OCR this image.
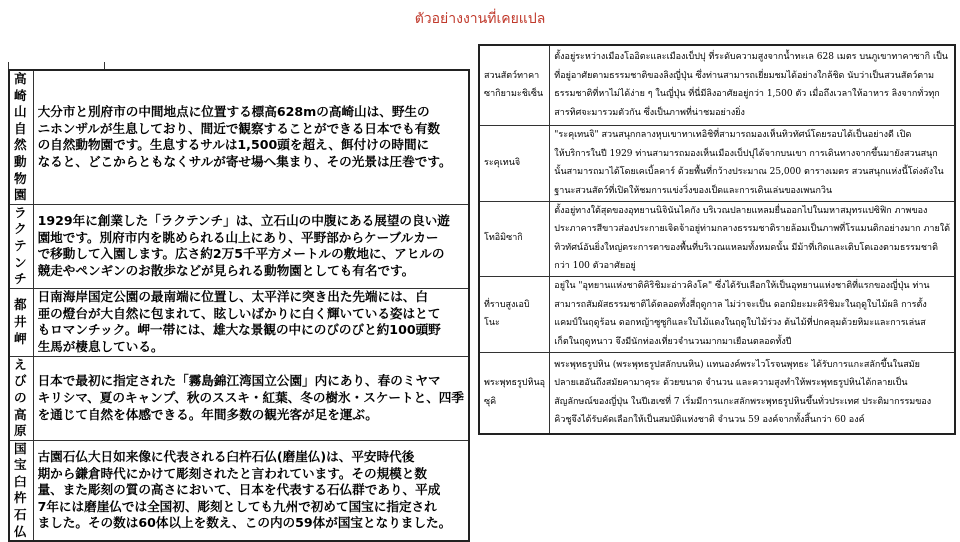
ตัวอย่างงานที่เคยแปล
高崎山自然動物園	大分市と別府市の中間地点に位置する標高628mの高崎山は、野生の
ニホンザルが生息しており、間近で観察することができる日本でも有数
の自然動物園です。生息するサルは1,500頭を超え、餌付けの時間に
なると、どこからともなくサルが寄せ場へ集まり、その光景は圧巻です。

ラクテンチ	1929年に創業した「ラクテンチ」は、立石山の中腹にある展望の良い遊
園地です。別府市内を眺められる山上にあり、平野部からケーブルカー
で移動して入園します。広さ約2万5千平方メートルの敷地に、アヒルの
競走やペンギンのお散歩などが見られる動物園としても有名です。

都井岬	日南海岸国定公園の最南端に位置し、太平洋に突き出た先端には、白
亜の燈台が大自然に包まれて、眩しいばかりに白く輝いている姿はとて
もロマンチック。岬一帯には、雄大な景観の中にのびのびと約100頭野
生馬が棲息している。

えびの高原	日本で最初に指定された「霧島錦江湾国立公園」内にあり、春のミヤマ
キリシマ、夏のキャンプ、秋のススキ・紅葉、冬の樹氷・スケートと、四季
を通じて自然を体感できる。年間多数の観光客が足を運ぶ。

国宝臼杵石仏	古園石仏大日如来像に代表される臼杵石仏(磨崖仏)は、平安時代後
期から鎌倉時代にかけて彫刻されたと言われています。その規模と数
量、また彫刻の質の高さにおいて、日本を代表する石仏群であり、平成
7年には磨崖仏では全国初、彫刻としても九州で初めて国宝に指定され
ました。その数は60体以上を数え、この内の59体が国宝となりました。
สวนสัตว์ทาคาซากิยามะชิเซ็น	ตั้งอยู่ระหว่างเมืองโออิตะและเมืองเบ็ปปุ ที่ระดับความสูงจากน้ำทะเล 628 เมตร บนภูเขาทาคาซากิ เป็น
ที่อยู่อาศัยตามธรรมชาติของลิงญี่ปุ่น ซึ่งท่านสามารถเยี่ยมชมได้อย่างใกล้ชิด นับว่าเป็นสวนสัตว์ตาม
ธรรมชาติที่หาไม่ได้ง่าย ๆ ในญี่ปุ่น ที่นี่มีลิงอาศัยอยู่กว่า 1,500 ตัว เมื่อถึงเวลาให้อาหาร ลิงจากทั่วทุก
สารทิศจะมารวมตัวกัน ซึ่งเป็นภาพที่น่าชมอย่างยิ่ง

ระคุเทนจิ	"ระคุเทนจิ" สวนสนุกกลางหุบเขาทาเทอิชิที่สามารถมองเห็นทิวทัศน์โดยรอบได้เป็นอย่างดี เปิด
ให้บริการในปี 1929 ท่านสามารถมองเห็นเมืองเบ็ปปุได้จากบนเขา การเดินทางจากขึ้นมายังสวนสนุก
นั้นสามารถมาได้โดยเคเบิ้ลคาร์ ด้วยพื้นที่กว้างประมาณ 25,000 ตารางเมตร สวนสนุกแห่งนี้โด่งดังใน
ฐานะสวนสัตว์ที่เปิดให้ชมการแข่งวิ่งของเป็ดและการเดินเล่นของเพนกวิน

โทอิมิซากิ	ตั้งอยู่ทางใต้สุดของอุทยานนิจินันไคกัง บริเวณปลายแหลมยื่นออกไปในมหาสมุทรแปซิฟิก ภาพของ
ประภาคารสีขาวส่องประกายเจิดจ้าอยู่ท่ามกลางธรรมชาติรายล้อมเป็นภาพที่โรแมนติกอย่างมาก ภายใต้
ทิวทัศน์อันยิ่งใหญ่ตระการตาของพื้นที่บริเวณแหลมทั้งหมดนั้น มีม้าที่เกิดและเติบโตเองตามธรรมชาติ
กว่า 100 ตัวอาศัยอยู่

ที่ราบสูงเอบิโนะ	อยู่ใน "อุทยานแห่งชาติคิริชิมะอ่าวคิงโค" ซึ่งได้รับเลือกให้เป็นอุทยานแห่งชาติที่แรกของญี่ปุ่น ท่าน
สามารถสัมผัสธรรมชาติได้ตลอดทั้งสี่ฤดูกาล ไม่ว่าจะเป็น ดอกมิยะมะคิริชิมะในฤดูใบไม้ผลิ การตั้ง
แคมป์ในฤดูร้อน ดอกหญ้าซูซูกิและใบไม้แดงในฤดูใบไม้ร่วง ต้นไม้ที่ปกคลุมด้วยหิมะและการเล่นส
เก็ตในฤดูหนาว จึงมีนักท่องเที่ยวจำนวนมากมาเยือนตลอดทั้งปี

พระพุทธรูปหินอุซุคิ	พระพุทธรูปหิน (พระพุทธรูปสลักบนหิน) แทนองค์พระไวโรจนพุทธะ ได้รับการแกะสลักขึ้นในสมัย
ปลายเฮอันถึงสมัยคามาคุระ ด้วยขนาด จำนวน และความสูงทำให้พระพุทธรูปหินได้กลายเป็น
สัญลักษณ์ของญี่ปุ่น ในปีเฮเซที่ 7 เริ่มมีการแกะสลักพระพุทธรูปหินขึ้นทั่วประเทศ ประติมากรรมของ
คิวชูจึงได้รับคัดเลือกให้เป็นสมบัติแห่งชาติ จำนวน 59 องค์จากทั้งสิ้นกว่า 60 องค์
